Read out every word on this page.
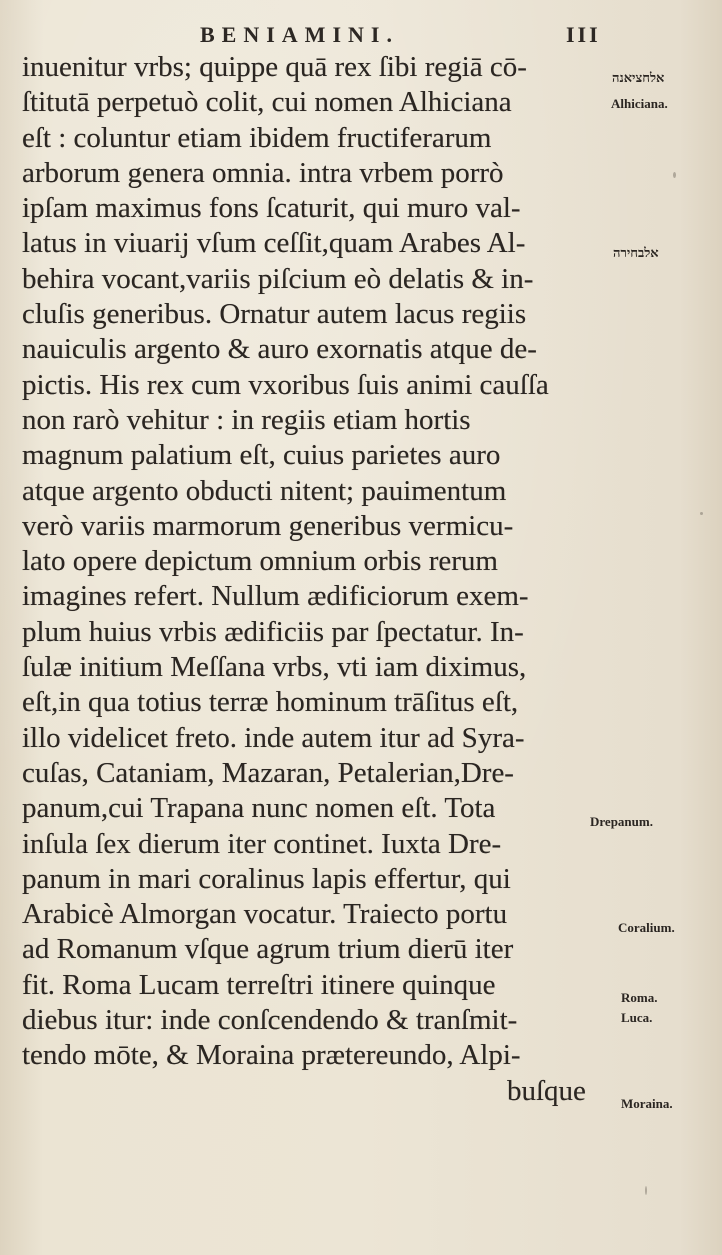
BENIAMINI.	III
inuenitur vrbs; quippe quā rex ſibi regiā cō-
ſtitutā perpetuò colit, cui nomen Alhiciana
eſt : coluntur etiam ibidem fructiferarum
arborum genera omnia. intra vrbem porrò
ipſam maximus fons ſcaturit, qui muro val-
latus in viuarij vſum ceſſit,quam Arabes Al-
behira vocant,variis piſcium eò delatis & in-
cluſis generibus. Ornatur autem lacus regiis
nauiculis argento & auro exornatis atque de-
pictis. His rex cum vxoribus ſuis animi cauſſa
non rarò vehitur : in regiis etiam hortis
magnum palatium eſt, cuius parietes auro
atque argento obducti nitent; pauimentum
verò variis marmorum generibus vermicu-
lato opere depictum omnium orbis rerum
imagines refert. Nullum ædificiorum exem-
plum huius vrbis ædificiis par ſpectatur. In-
ſulæ initium Meſſana vrbs, vti iam diximus,
eſt,in qua totius terræ hominum trāſitus eſt,
illo videlicet freto. inde autem itur ad Syra-
cuſas, Cataniam, Mazaran, Petalerian,Dre-
panum,cui Trapana nunc nomen eſt. Tota
inſula ſex dierum iter continet. Iuxta Dre-
panum in mari coralinus lapis effertur, qui
Arabicè Almorgan vocatur. Traiecto portu
ad Romanum vſque agrum trium dierū iter
fit. Roma Lucam terreſtri itinere quinque
diebus itur: inde conſcendendo & tranſmit-
tendo mōte, & Moraina prætereundo, Alpi-
buſque
אלחציאנה
Alhiciana.
אלבחירה
Drepanum.
Coralium.
Roma.
Luca.
Moraina.
